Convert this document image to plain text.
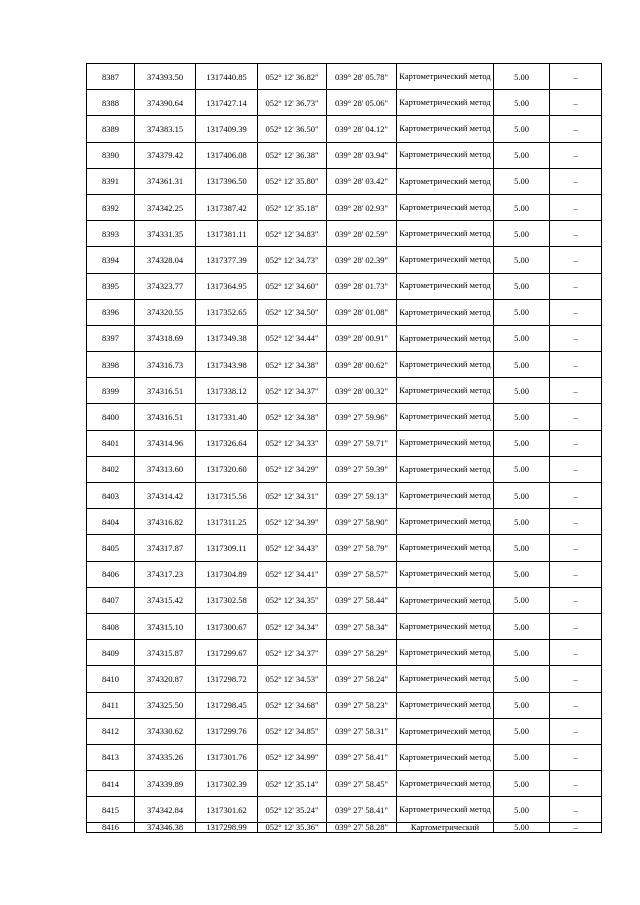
8387	374393.50	1317440.85	052° 12' 36.82"	039° 28' 05.78"	Картометрический метод	5.00	–
8388	374390.64	1317427.14	052° 12' 36.73"	039° 28' 05.06"	Картометрический метод	5.00	–
8389	374383.15	1317409.39	052° 12' 36.50"	039° 28' 04.12"	Картометрический метод	5.00	–
8390	374379.42	1317406.08	052° 12' 36.38"	039° 28' 03.94"	Картометрический метод	5.00	–
8391	374361.31	1317396.50	052° 12' 35.80"	039° 28' 03.42"	Картометрический метод	5.00	–
8392	374342.25	1317387.42	052° 12' 35.18"	039° 28' 02.93"	Картометрический метод	5.00	–
8393	374331.35	1317381.11	052° 12' 34.83"	039° 28' 02.59"	Картометрический метод	5.00	–
8394	374328.04	1317377.39	052° 12' 34.73"	039° 28' 02.39"	Картометрический метод	5.00	–
8395	374323.77	1317364.95	052° 12' 34.60"	039° 28' 01.73"	Картометрический метод	5.00	–
8396	374320.55	1317352.65	052° 12' 34.50"	039° 28' 01.08"	Картометрический метод	5.00	–
8397	374318.69	1317349.38	052° 12' 34.44"	039° 28' 00.91"	Картометрический метод	5.00	–
8398	374316.73	1317343.98	052° 12' 34.38"	039° 28' 00.62"	Картометрический метод	5.00	–
8399	374316.51	1317338.12	052° 12' 34.37"	039° 28' 00.32"	Картометрический метод	5.00	–
8400	374316.51	1317331.40	052° 12' 34.38"	039° 27' 59.96"	Картометрический метод	5.00	–
8401	374314.96	1317326.64	052° 12' 34.33"	039° 27' 59.71"	Картометрический метод	5.00	–
8402	374313.60	1317320.60	052° 12' 34.29"	039° 27' 59.39"	Картометрический метод	5.00	–
8403	374314.42	1317315.56	052° 12' 34.31"	039° 27' 59.13"	Картометрический метод	5.00	–
8404	374316.82	1317311.25	052° 12' 34.39"	039° 27' 58.90"	Картометрический метод	5.00	–
8405	374317.87	1317309.11	052° 12' 34.43"	039° 27' 58.79"	Картометрический метод	5.00	–
8406	374317.23	1317304.89	052° 12' 34.41"	039° 27' 58.57"	Картометрический метод	5.00	–
8407	374315.42	1317302.58	052° 12' 34.35"	039° 27' 58.44"	Картометрический метод	5.00	–
8408	374315.10	1317300.67	052° 12' 34.34"	039° 27' 58.34"	Картометрический метод	5.00	–
8409	374315.87	1317299.67	052° 12' 34.37"	039° 27' 58.29"	Картометрический метод	5.00	–
8410	374320.87	1317298.72	052° 12' 34.53"	039° 27' 58.24"	Картометрический метод	5.00	–
8411	374325.50	1317298.45	052° 12' 34.68"	039° 27' 58.23"	Картометрический метод	5.00	–
8412	374330.62	1317299.76	052° 12' 34.85"	039° 27' 58.31"	Картометрический метод	5.00	–
8413	374335.26	1317301.76	052° 12' 34.99"	039° 27' 58.41"	Картометрический метод	5.00	–
8414	374339.89	1317302.39	052° 12' 35.14"	039° 27' 58.45"	Картометрический метод	5.00	–
8415	374342.84	1317301.62	052° 12' 35.24"	039° 27' 58.41"	Картометрический метод	5.00	–
8416	374346.38	1317298.99	052° 12' 35.36"	039° 27' 58.28"	Картометрический	5.00	–
